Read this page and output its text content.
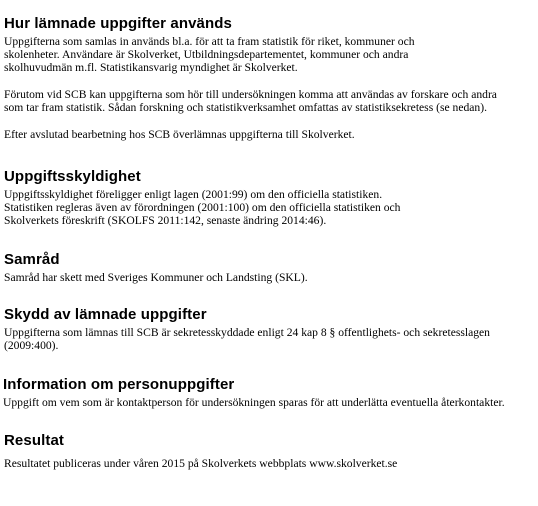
Hur lämnade uppgifter används
Uppgifterna som samlas in används bl.a. för att ta fram statistik för riket, kommuner och
skolenheter. Användare är Skolverket, Utbildningsdepartementet, kommuner och andra
skolhuvudmän m.fl. Statistikansvarig myndighet är Skolverket.
Förutom vid SCB kan uppgifterna som hör till undersökningen komma att användas av forskare och andra
som tar fram statistik. Sådan forskning och statistikverksamhet omfattas av statistiksekretess (se nedan).
Efter avslutad bearbetning hos SCB överlämnas uppgifterna till Skolverket.
Uppgiftsskyldighet
Uppgiftsskyldighet föreligger enligt lagen (2001:99) om den officiella statistiken.
Statistiken regleras även av förordningen (2001:100) om den officiella statistiken och
Skolverkets föreskrift (SKOLFS 2011:142, senaste ändring 2014:46).
Samråd
Samråd har skett med Sveriges Kommuner och Landsting (SKL).
Skydd av lämnade uppgifter
Uppgifterna som lämnas till SCB är sekretesskyddade enligt 24 kap 8 § offentlighets- och sekretesslagen
(2009:400).
Information om personuppgifter
Uppgift om vem som är kontaktperson för undersökningen sparas för att underlätta eventuella återkontakter.
Resultat
Resultatet publiceras under våren 2015 på Skolverkets webbplats www.skolverket.se
